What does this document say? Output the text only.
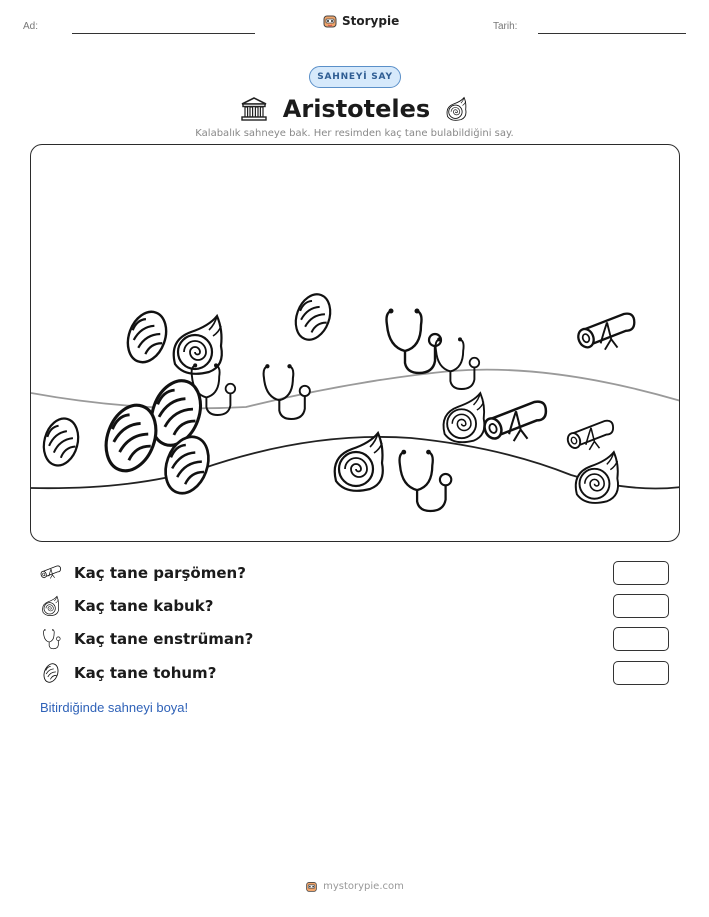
Ad:	Storypie	Tarih:
SAHNEYİ SAY
Aristoteles
Kalabalık sahneye bak. Her resimden kaç tane bulabildiğini say.
Kaç tane parşömen?
Kaç tane kabuk?
Kaç tane enstrüman?
Kaç tane tohum?
Bitirdiğinde sahneyi boya!
mystorypie.com
